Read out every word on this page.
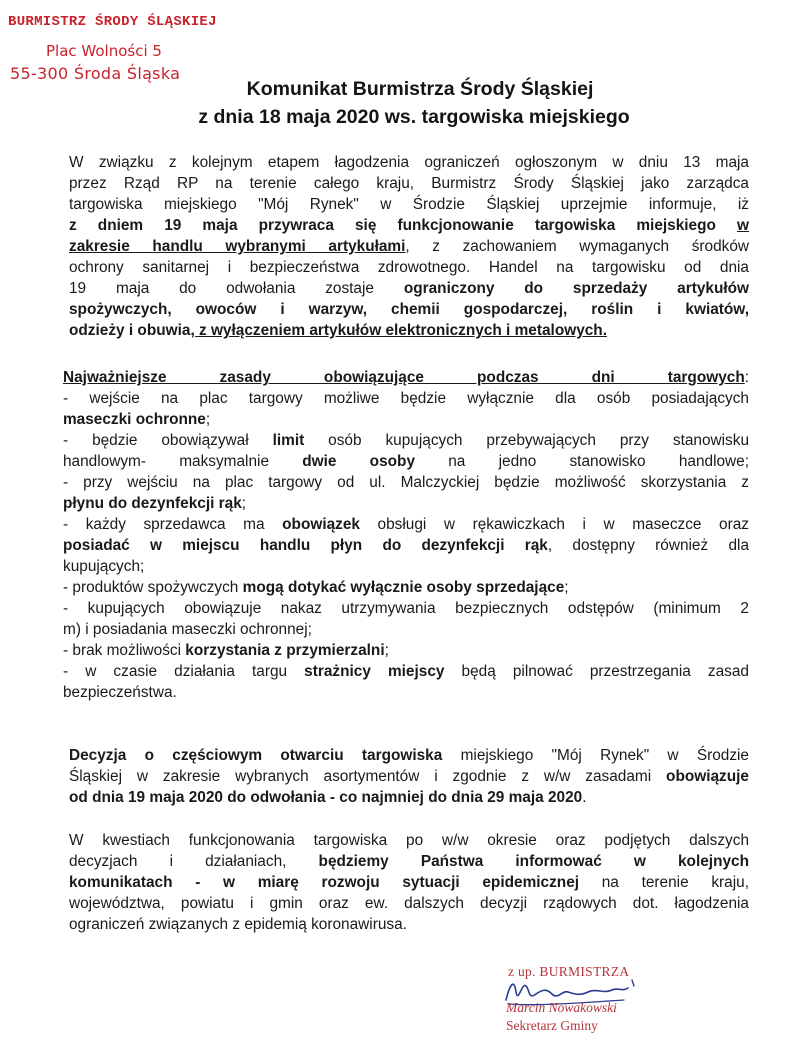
BURMISTRZ ŚRODY ŚLĄSKIEJ
Plac Wolności 5
55-300 Środa Śląska
Komunikat Burmistrza Środy Śląskiej
z dnia 18 maja 2020 ws. targowiska miejskiego
W związku z kolejnym etapem łagodzenia ograniczeń ogłoszonym w dniu 13 maja
przez Rząd RP na terenie całego kraju, Burmistrz Środy Śląskiej jako zarządca
targowiska miejskiego "Mój Rynek" w Środzie Śląskiej uprzejmie informuje, iż
z dniem 19 maja przywraca się funkcjonowanie targowiska miejskiego w
zakresie handlu wybranymi artykułami, z zachowaniem wymaganych środków
ochrony sanitarnej i bezpieczeństwa zdrowotnego. Handel na targowisku od dnia
19 maja do odwołania zostaje ograniczony do sprzedaży artykułów
spożywczych, owoców i warzyw, chemii gospodarczej, roślin i kwiatów,
odzieży i obuwia, z wyłączeniem artykułów elektronicznych i metalowych.
Najważniejsze zasady obowiązujące podczas dni targowych:
- wejście na plac targowy możliwe będzie wyłącznie dla osób posiadających
maseczki ochronne;
- będzie obowiązywał limit osób kupujących przebywających przy stanowisku
handlowym- maksymalnie dwie osoby na jedno stanowisko handlowe;
- przy wejściu na plac targowy od ul. Malczyckiej będzie możliwość skorzystania z
płynu do dezynfekcji rąk;
- każdy sprzedawca ma obowiązek obsługi w rękawiczkach i w maseczce oraz
posiadać w miejscu handlu płyn do dezynfekcji rąk, dostępny również dla
kupujących;
- produktów spożywczych mogą dotykać wyłącznie osoby sprzedające;
- kupujących obowiązuje nakaz utrzymywania bezpiecznych odstępów (minimum 2
m) i posiadania maseczki ochronnej;
- brak możliwości korzystania z przymierzalni;
- w czasie działania targu strażnicy miejscy będą pilnować przestrzegania zasad
bezpieczeństwa.
Decyzja o częściowym otwarciu targowiska miejskiego "Mój Rynek" w Środzie
Śląskiej w zakresie wybranych asortymentów i zgodnie z w/w zasadami obowiązuje
od dnia 19 maja 2020 do odwołania - co najmniej do dnia 29 maja 2020.
W kwestiach funkcjonowania targowiska po w/w okresie oraz podjętych dalszych
decyzjach i działaniach, będziemy Państwa informować w kolejnych
komunikatach - w miarę rozwoju sytuacji epidemicznej na terenie kraju,
województwa, powiatu i gmin oraz ew. dalszych decyzji rządowych dot. łagodzenia
ograniczeń związanych z epidemią koronawirusa.
z up. BURMISTRZA
Marcin Nowakowski
Sekretarz Gminy
